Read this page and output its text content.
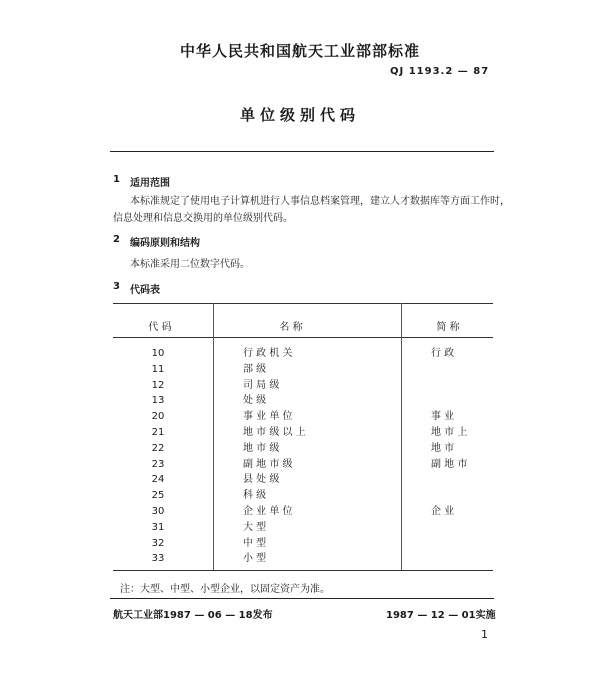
中华人民共和国航天工业部部标准
QJ 1193.2 — 87
单位级别代码
1 适用范围
本标准规定了使用电子计算机进行人事信息档案管理，建立人才数据库等方面工作时，
信息处理和信息交换用的单位级别代码。
2 编码原则和结构
本标准采用二位数字代码。
3 代码表
代 码	名 称	简 称
10	行 政 机 关	行 政
11	部 级
12	司 局 级
13	处 级
20	事 业 单 位	事 业
21	地 市 级 以 上	地 市 上
22	地 市 级	地 市
23	副 地 市 级	副 地 市
24	县 处 级
25	科 级
30	企 业 单 位	企 业
31	大 型
32	中 型
33	小 型
注：大型、中型、小型企业，以固定资产为准。
航天工业部1987 — 06 — 18发布	1987 — 12 — 01实施
1
